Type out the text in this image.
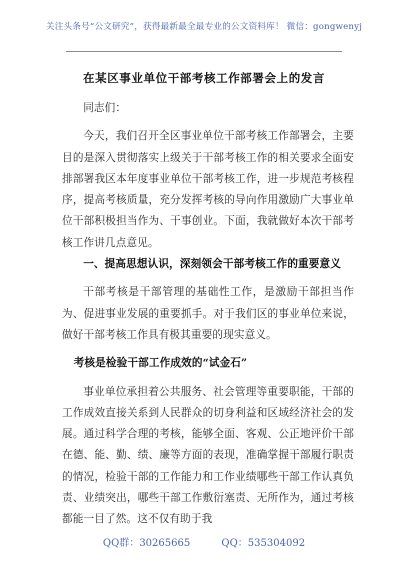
关注头条号“公文研究”，获得最新最全最专业的公文资料库！ 微信：gongwenyj
在某区事业单位干部考核工作部署会上的发言

同志们：

今天，我们召开全区事业单位干部考核工作部署会，主要目的是深入贯彻落实上级关于干部考核工作的相关要求全面安排部署我区本年度事业单位干部考核工作，进一步规范考核程序，提高考核质量，充分发挥考核的导向作用激励广大事业单位干部积极担当作为、干事创业。下面，我就做好本次干部考核工作讲几点意见。

一、提高思想认识，深刻领会干部考核工作的重要意义

干部考核是干部管理的基础性工作，是激励干部担当作为、促进事业发展的重要抓手。对于我们区的事业单位来说，做好干部考核工作具有极其重要的现实意义。

考核是检验干部工作成效的“试金石”

事业单位承担着公共服务、社会管理等重要职能，干部的工作成效直接关系到人民群众的切身利益和区域经济社会的发展。通过科学合理的考核，能够全面、客观、公正地评价干部在德、能、勤、绩、廉等方面的表现，准确掌握干部履行职责的情况，检验干部的工作能力和工作业绩哪些干部工作认真负责、业绩突出，哪些干部工作敷衍塞责、无所作为，通过考核都能一目了然。这不仅有助于我

QQ群：30265665	QQ：535304092
